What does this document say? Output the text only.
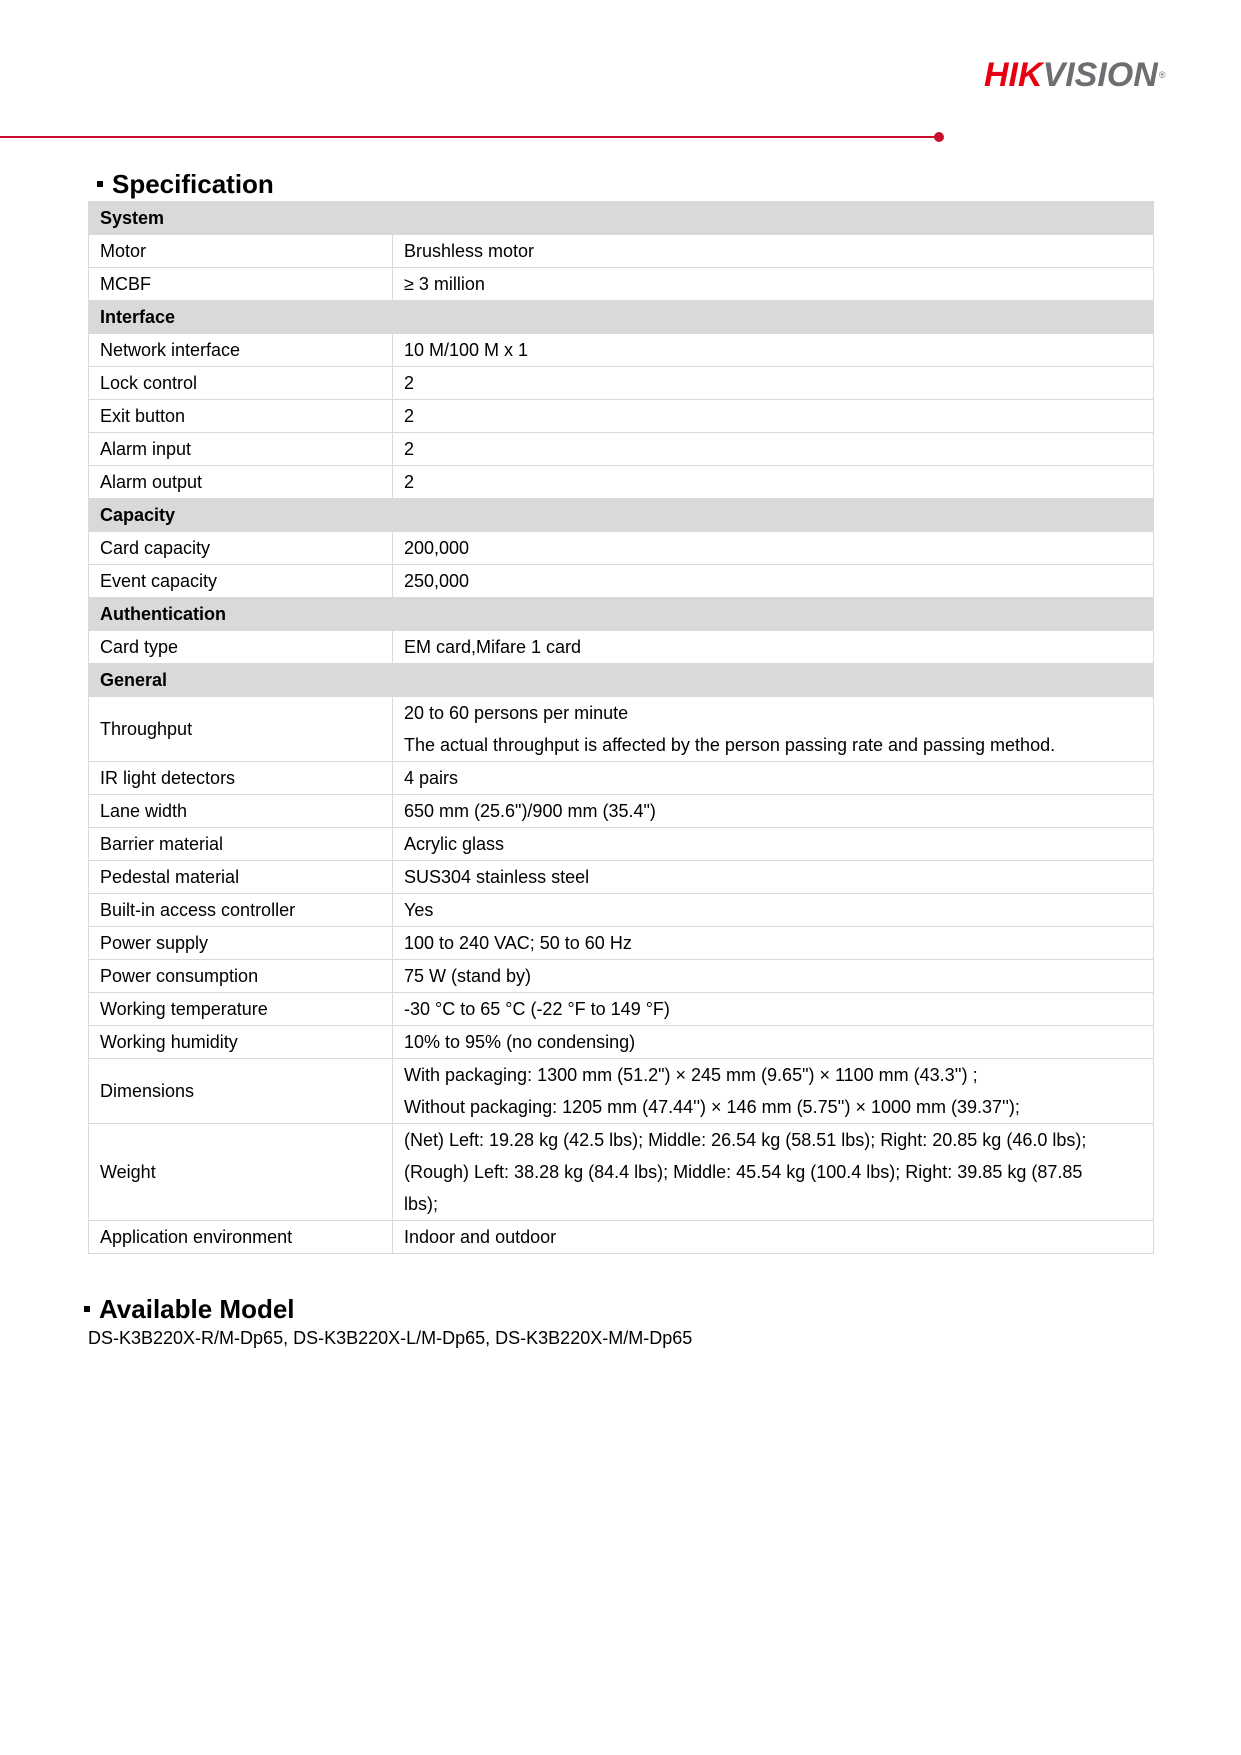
HIKVISION®
Specification
System	
Motor	Brushless motor

MCBF	≥ 3 million

Interface	
Network interface	10 M/100 M x 1

Lock control	2

Exit button	2

Alarm input	2

Alarm output	2

Capacity	
Card capacity	200,000

Event capacity	250,000

Authentication	
Card type	EM card,Mifare 1 card

General	
Throughput	20 to 60 persons per minute
The actual throughput is affected by the person passing rate and passing method.

IR light detectors	4 pairs

Lane width	650 mm (25.6")/900 mm (35.4")

Barrier material	Acrylic glass

Pedestal material	SUS304 stainless steel

Built-in access controller	Yes

Power supply	100 to 240 VAC; 50 to 60 Hz

Power consumption	75 W (stand by)

Working temperature	-30 °C to 65 °C (-22 °F to 149 °F)

Working humidity	10% to 95% (no condensing)

Dimensions	With packaging: 1300 mm (51.2") × 245 mm (9.65") × 1100 mm (43.3'') ;
Without packaging: 1205 mm (47.44'') × 146 mm (5.75'') × 1000 mm (39.37'');

Weight	(Net) Left: 19.28 kg (42.5 lbs); Middle: 26.54 kg (58.51 lbs); Right: 20.85 kg (46.0 lbs);
(Rough) Left: 38.28 kg (84.4 lbs); Middle: 45.54 kg (100.4 lbs); Right: 39.85 kg (87.85
lbs);

Application environment	Indoor and outdoor
Available Model
DS-K3B220X-R/M-Dp65, DS-K3B220X-L/M-Dp65, DS-K3B220X-M/M-Dp65
